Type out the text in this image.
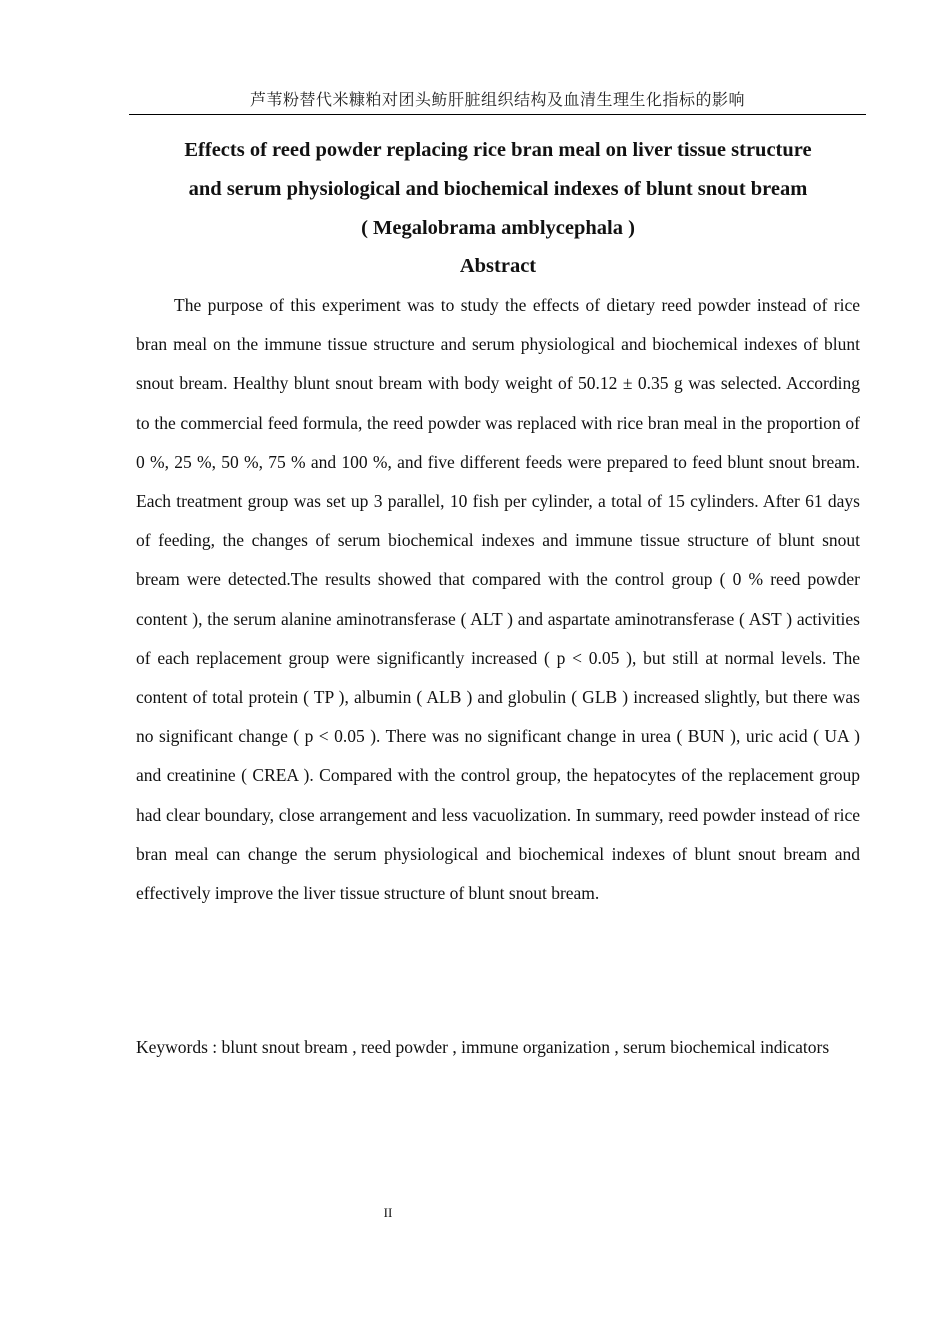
芦苇粉替代米糠粕对团头鲂肝脏组织结构及血清生理生化指标的影响
Effects of reed powder replacing rice bran meal on liver tissue structure
and serum physiological and biochemical indexes of blunt snout bream
( Megalobrama amblycephala )
Abstract

The purpose of this experiment was to study the effects of dietary reed powder instead of rice bran meal on the immune tissue structure and serum physiological and biochemical indexes of blunt snout bream. Healthy blunt snout bream with body weight of 50.12 ± 0.35 g was selected. According to the commercial feed formula, the reed powder was replaced with rice bran meal in the proportion of 0 %, 25 %, 50 %, 75 % and 100 %, and five different feeds were prepared to feed blunt snout bream. Each treatment group was set up 3 parallel, 10 fish per cylinder, a total of 15 cylinders. After 61 days of feeding, the changes of serum biochemical indexes and immune tissue structure of blunt snout bream were detected.The results showed that compared with the control group ( 0 % reed powder content ), the serum alanine aminotransferase ( ALT ) and aspartate aminotransferase ( AST ) activities of each replacement group were significantly increased ( p < 0.05 ), but still at normal levels. The content of total protein ( TP ), albumin ( ALB ) and globulin ( GLB ) increased slightly, but there was no significant change ( p < 0.05 ). There was no significant change in urea ( BUN ), uric acid ( UA ) and creatinine ( CREA ). Compared with the control group, the hepatocytes of the replacement group had clear boundary, close arrangement and less vacuolization. In summary, reed powder instead of rice bran meal can change the serum physiological and biochemical indexes of blunt snout bream and effectively improve the liver tissue structure of blunt snout bream.

Keywords : blunt snout bream , reed powder , immune organization , serum biochemical indicators

II
